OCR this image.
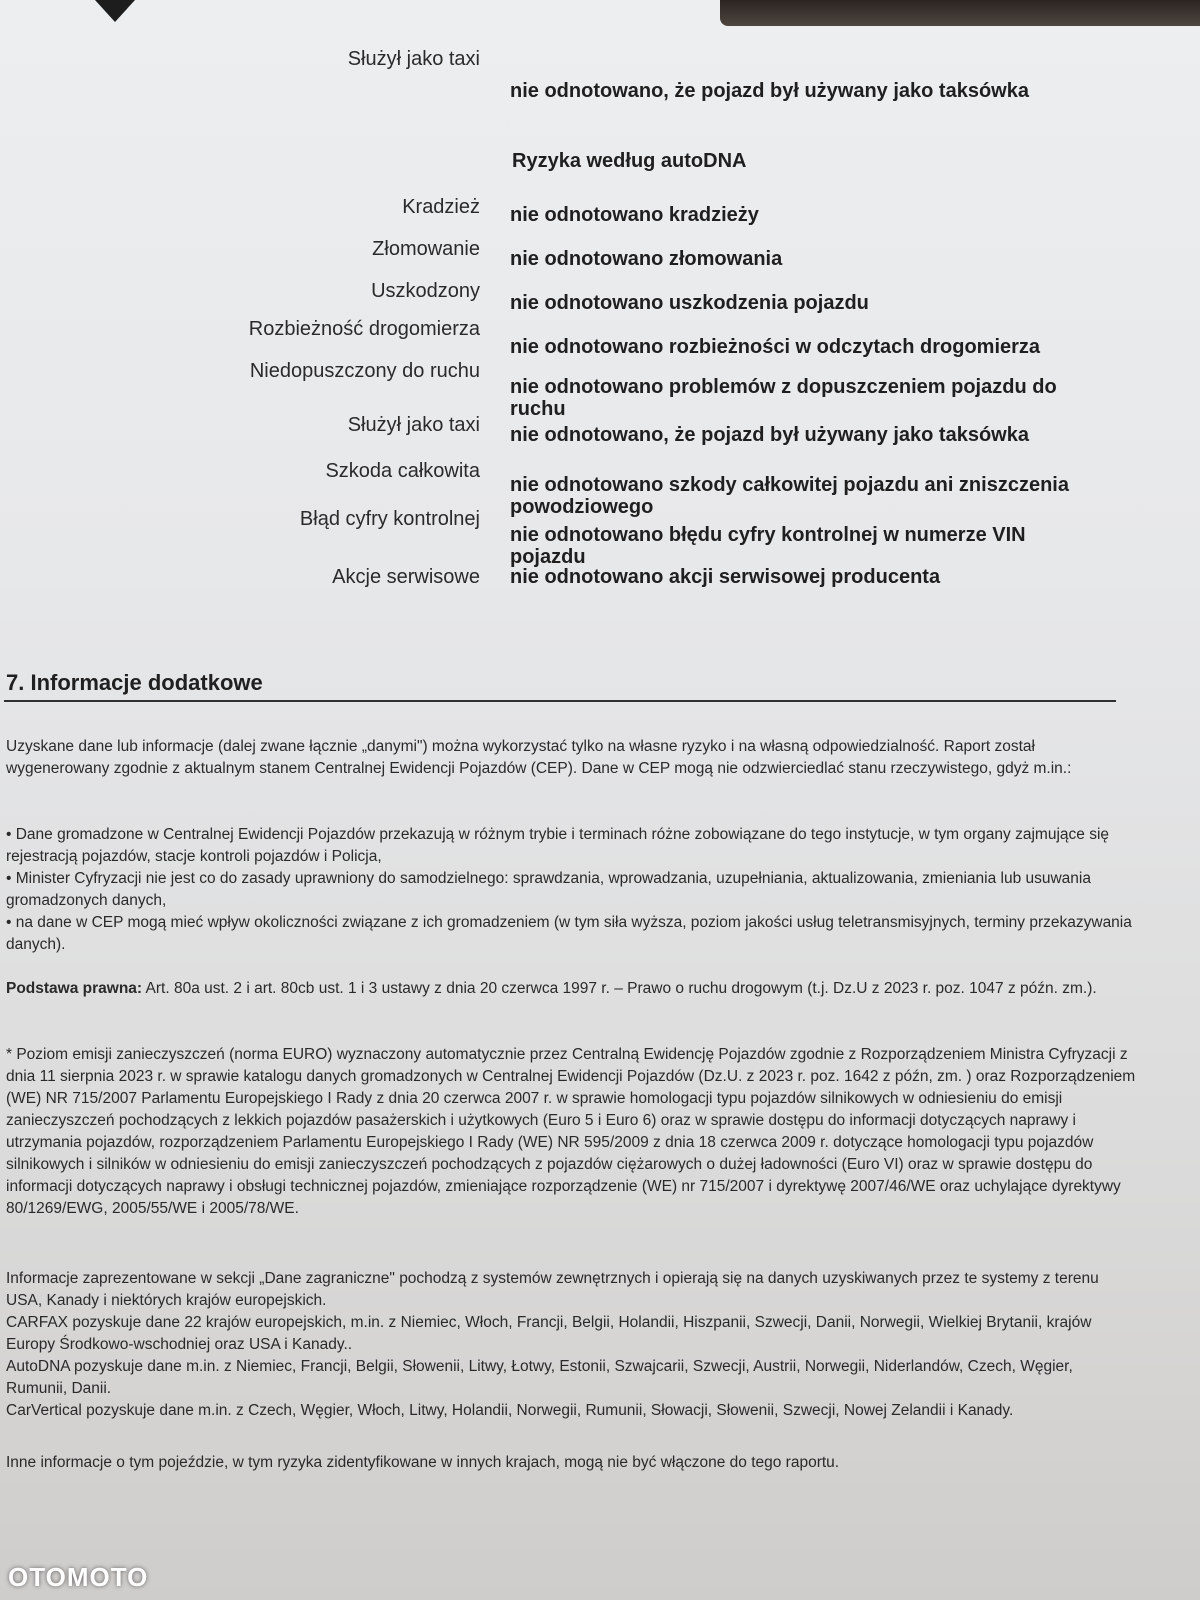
Służył jako taxi
nie odnotowano, że pojazd był używany jako taksówka
Ryzyka według autoDNA
Kradzież nie odnotowano kradzieży
Złomowanie nie odnotowano złomowania
Uszkodzony
nie odnotowano uszkodzenia pojazdu
Rozbieżność drogomierza
nie odnotowano rozbieżności w odczytach drogomierza
Niedopuszczony do ruchu
nie odnotowano problemów z dopuszczeniem pojazdu do ruchu
Służył jako taxi nie odnotowano, że pojazd był używany jako taksówka
Szkoda całkowita
nie odnotowano szkody całkowitej pojazdu ani zniszczenia powodziowego
Błąd cyfry kontrolnej
nie odnotowano błędu cyfry kontrolnej w numerze VIN pojazdu
Akcje serwisowe nie odnotowano akcji serwisowej producenta
7. Informacje dodatkowe

Uzyskane dane lub informacje (dalej zwane łącznie „danymi") można wykorzystać tylko na własne ryzyko i na własną odpowiedzialność. Raport został wygenerowany zgodnie z aktualnym stanem Centralnej Ewidencji Pojazdów (CEP). Dane w CEP mogą nie odzwierciedlać stanu rzeczywistego, gdyż m.in.:

• Dane gromadzone w Centralnej Ewidencji Pojazdów przekazują w różnym trybie i terminach różne zobowiązane do tego instytucje, w tym organy zajmujące się rejestracją pojazdów, stacje kontroli pojazdów i Policja,

• Minister Cyfryzacji nie jest co do zasady uprawniony do samodzielnego: sprawdzania, wprowadzania, uzupełniania, aktualizowania, zmieniania lub usuwania gromadzonych danych,

• na dane w CEP mogą mieć wpływ okoliczności związane z ich gromadzeniem (w tym siła wyższa, poziom jakości usług teletransmisyjnych, terminy przekazywania danych).

Podstawa prawna: Art. 80a ust. 2 i art. 80cb ust. 1 i 3 ustawy z dnia 20 czerwca 1997 r. – Prawo o ruchu drogowym (t.j. Dz.U z 2023 r. poz. 1047 z późn. zm.).

* Poziom emisji zanieczyszczeń (norma EURO) wyznaczony automatycznie przez Centralną Ewidencję Pojazdów zgodnie z Rozporządzeniem Ministra Cyfryzacji z dnia 11 sierpnia 2023 r. w sprawie katalogu danych gromadzonych w Centralnej Ewidencji Pojazdów (Dz.U. z 2023 r. poz. 1642 z późn, zm. ) oraz Rozporządzeniem (WE) NR 715/2007 Parlamentu Europejskiego I Rady z dnia 20 czerwca 2007 r. w sprawie homologacji typu pojazdów silnikowych w odniesieniu do emisji zanieczyszczeń pochodzących z lekkich pojazdów pasażerskich i użytkowych (Euro 5 i Euro 6) oraz w sprawie dostępu do informacji dotyczących naprawy i utrzymania pojazdów, rozporządzeniem Parlamentu Europejskiego I Rady (WE) NR 595/2009 z dnia 18 czerwca 2009 r. dotyczące homologacji typu pojazdów silnikowych i silników w odniesieniu do emisji zanieczyszczeń pochodzących z pojazdów ciężarowych o dużej ładowności (Euro VI) oraz w sprawie dostępu do informacji dotyczących naprawy i obsługi technicznej pojazdów, zmieniające rozporządzenie (WE) nr 715/2007 i dyrektywę 2007/46/WE oraz uchylające dyrektywy 80/1269/EWG, 2005/55/WE i 2005/78/WE.

Informacje zaprezentowane w sekcji „Dane zagraniczne" pochodzą z systemów zewnętrznych i opierają się na danych uzyskiwanych przez te systemy z terenu USA, Kanady i niektórych krajów europejskich.

CARFAX pozyskuje dane 22 krajów europejskich, m.in. z Niemiec, Włoch, Francji, Belgii, Holandii, Hiszpanii, Szwecji, Danii, Norwegii, Wielkiej Brytanii, krajów Europy Środkowo-wschodniej oraz USA i Kanady..

AutoDNA pozyskuje dane m.in. z Niemiec, Francji, Belgii, Słowenii, Litwy, Łotwy, Estonii, Szwajcarii, Szwecji, Austrii, Norwegii, Niderlandów, Czech, Węgier, Rumunii, Danii.

CarVertical pozyskuje dane m.in. z Czech, Węgier, Włoch, Litwy, Holandii, Norwegii, Rumunii, Słowacji, Słowenii, Szwecji, Nowej Zelandii i Kanady.

Inne informacje o tym pojeździe, w tym ryzyka zidentyfikowane w innych krajach, mogą nie być włączone do tego raportu.

OTOMOTO
